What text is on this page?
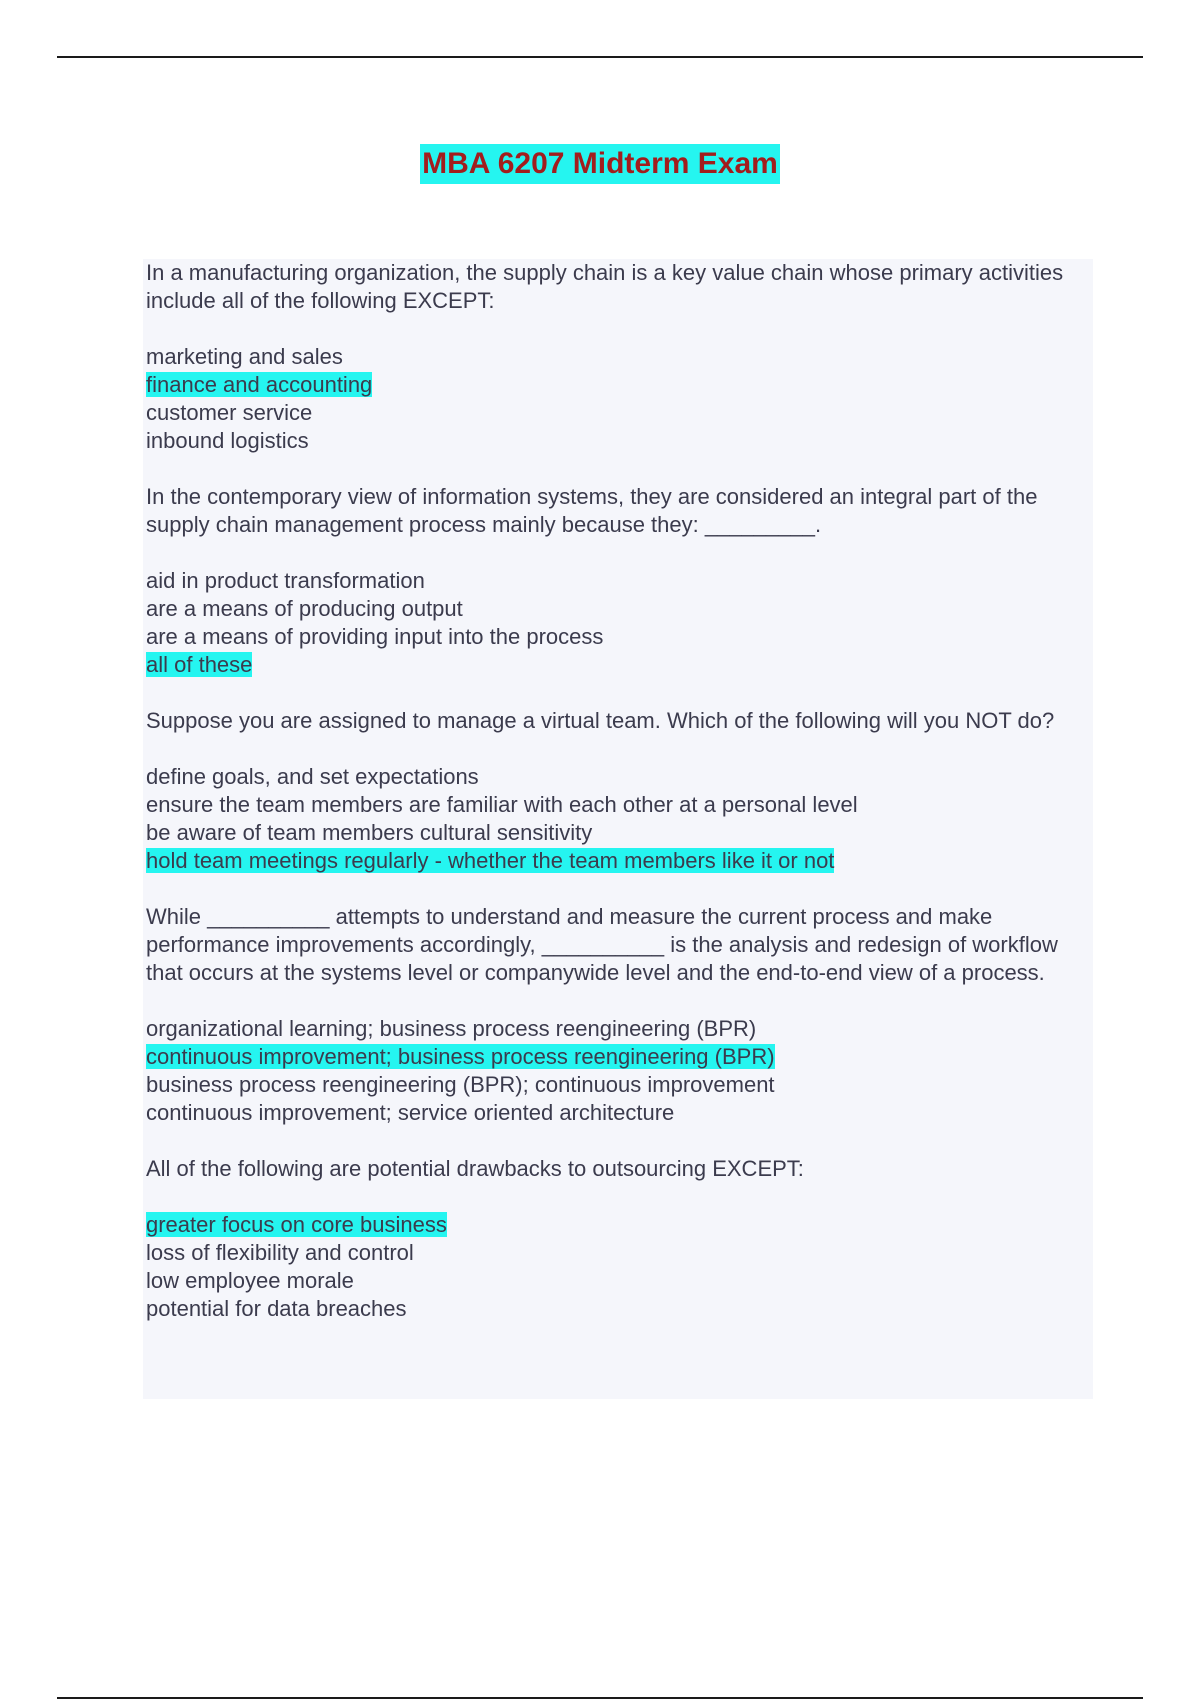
MBA 6207 Midterm Exam
In a manufacturing organization, the supply chain is a key value chain whose primary activities include all of the following EXCEPT:
marketing and sales
finance and accounting
customer service
inbound logistics
In the contemporary view of information systems, they are considered an integral part of the supply chain management process mainly because they: _________.
aid in product transformation
are a means of producing output
are a means of providing input into the process
all of these
Suppose you are assigned to manage a virtual team. Which of the following will you NOT do?
define goals, and set expectations
ensure the team members are familiar with each other at a personal level
be aware of team members cultural sensitivity
hold team meetings regularly - whether the team members like it or not
While __________ attempts to understand and measure the current process and make performance improvements accordingly, __________ is the analysis and redesign of workflow that occurs at the systems level or companywide level and the end-to-end view of a process.
organizational learning; business process reengineering (BPR)
continuous improvement; business process reengineering (BPR)
business process reengineering (BPR); continuous improvement
continuous improvement; service oriented architecture
All of the following are potential drawbacks to outsourcing EXCEPT:
greater focus on core business
loss of flexibility and control
low employee morale
potential for data breaches
